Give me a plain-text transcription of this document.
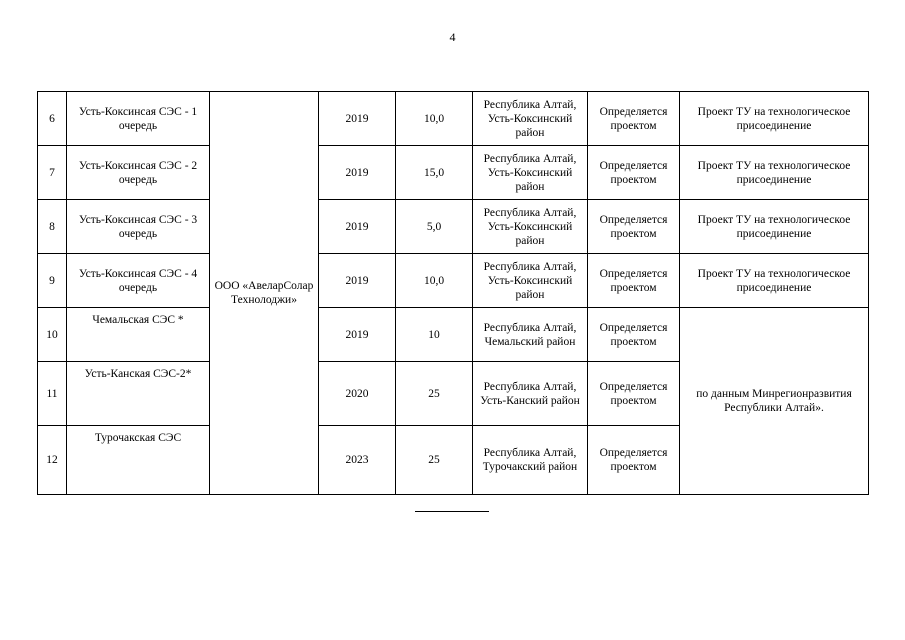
4
6	Усть-Коксинсая СЭС - 1 очередь	ООО «АвеларСолар Технолоджи»	2019	10,0	Республика Алтай, Усть-Коксинский район	Определяется проектом	Проект ТУ на технологическое присоединение
7	Усть-Коксинсая СЭС - 2 очередь		2019	15,0	Республика Алтай, Усть-Коксинский район	Определяется проектом	Проект ТУ на технологическое присоединение
8	Усть-Коксинсая СЭС - 3 очередь		2019	5,0	Республика Алтай, Усть-Коксинский район	Определяется проектом	Проект ТУ на технологическое присоединение
9	Усть-Коксинсая СЭС - 4 очередь		2019	10,0	Республика Алтай, Усть-Коксинский район	Определяется проектом	Проект ТУ на технологическое присоединение
10	Чемальская СЭС *		2019	10	Республика Алтай, Чемальский район	Определяется проектом	по данным Минрегионразвития Республики Алтай».
11	Усть-Канская СЭС-2*		2020	25	Республика Алтай, Усть-Канский район	Определяется проектом	
12	Турочакская СЭС		2023	25	Республика Алтай, Турочакский район	Определяется проектом	
